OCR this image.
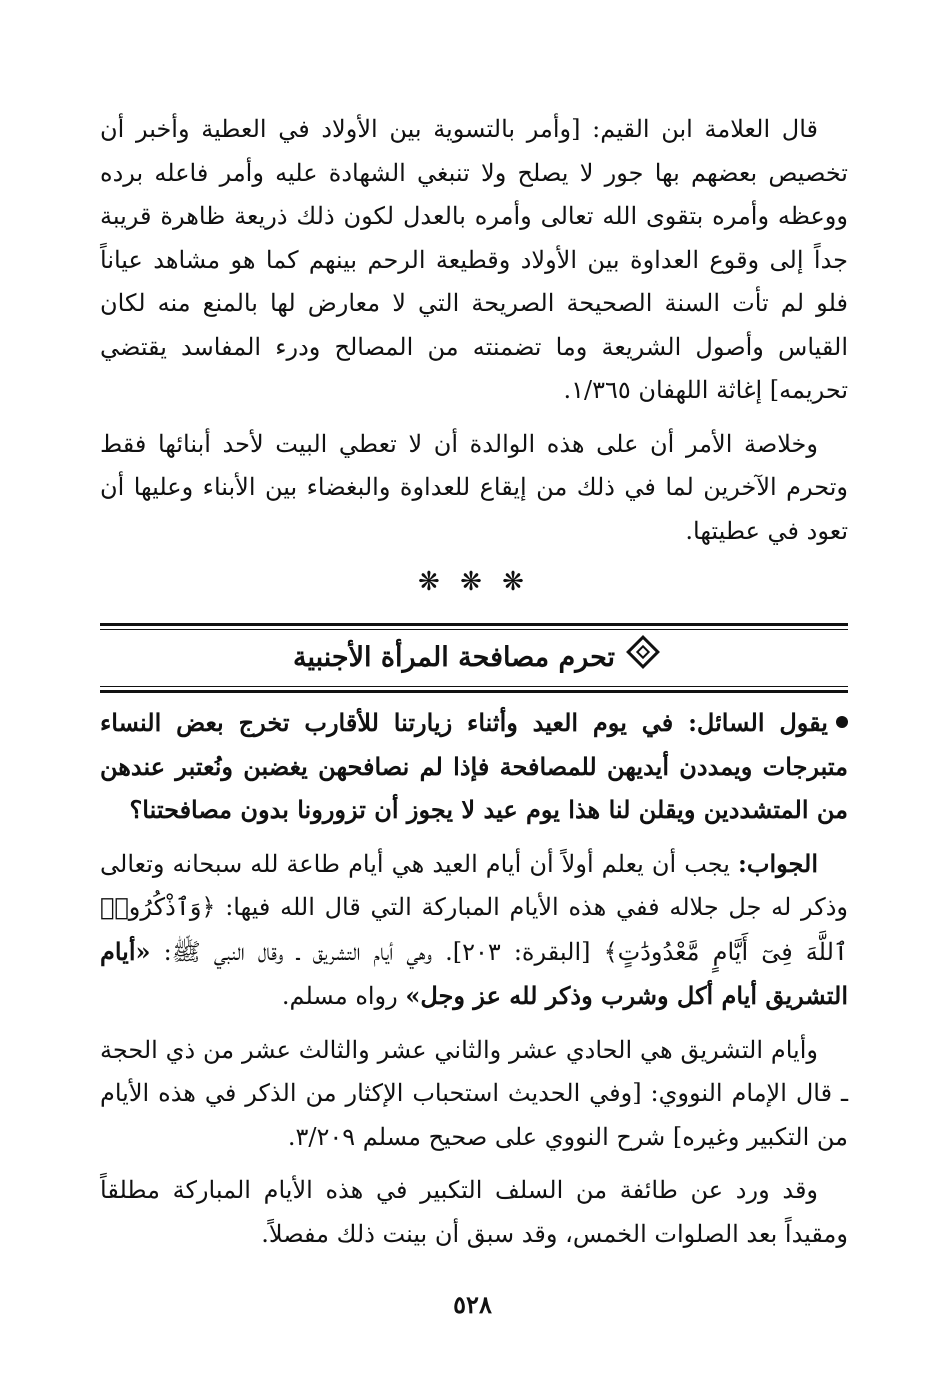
قال العلامة ابن القيم: [وأمر بالتسوية بين الأولاد في العطية وأخبر أن تخصيص بعضهم بها جور لا يصلح ولا تنبغي الشهادة عليه وأمر فاعله برده ووعظه وأمره بتقوى الله تعالى وأمره بالعدل لكون ذلك ذريعة ظاهرة قريبة جداً إلى وقوع العداوة بين الأولاد وقطيعة الرحم بينهم كما هو مشاهد عياناً فلو لم تأت السنة الصحيحة الصريحة التي لا معارض لها بالمنع منه لكان القياس وأصول الشريعة وما تضمنته من المصالح ودرء المفاسد يقتضي تحريمه] إغاثة اللهفان ١/٣٦٥.

وخلاصة الأمر أن على هذه الوالدة أن لا تعطي البيت لأحد أبنائها فقط وتحرم الآخرين لما في ذلك من إيقاع للعداوة والبغضاء بين الأبناء وعليها أن تعود في عطيتها.

❋ ❋ ❋
تحرم مصافحة المرأة الأجنبية

يقول السائل: في يوم العيد وأثناء زيارتنا للأقارب تخرج بعض النساء متبرجات ويمددن أيديهن للمصافحة فإذا لم نصافحهن يغضبن ونُعتبر عندهن من المتشددين ويقلن لنا هذا يوم عيد لا يجوز أن تزورونا بدون مصافحتنا؟

الجواب: يجب أن يعلم أولاً أن أيام العيد هي أيام طاعة لله سبحانه وتعالى وذكر له جل جلاله ففي هذه الأيام المباركة التي قال الله فيها: ﴿وَٱذْكُرُوا۟ ٱللَّهَ فِىٓ أَيَّامٍ مَّعْدُودَٰتٍ﴾ [البقرة: ٢٠٣]. وهي أيام التشريق ـ وقال النبي ﷺ: «أيام التشريق أيام أكل وشرب وذكر لله عز وجل» رواه مسلم.

وأيام التشريق هي الحادي عشر والثاني عشر والثالث عشر من ذي الحجة ـ قال الإمام النووي: [وفي الحديث استحباب الإكثار من الذكر في هذه الأيام من التكبير وغيره] شرح النووي على صحيح مسلم ٣/٢٠٩.

وقد ورد عن طائفة من السلف التكبير في هذه الأيام المباركة مطلقاً ومقيداً بعد الصلوات الخمس، وقد سبق أن بينت ذلك مفصلاً.

٥٢٨
